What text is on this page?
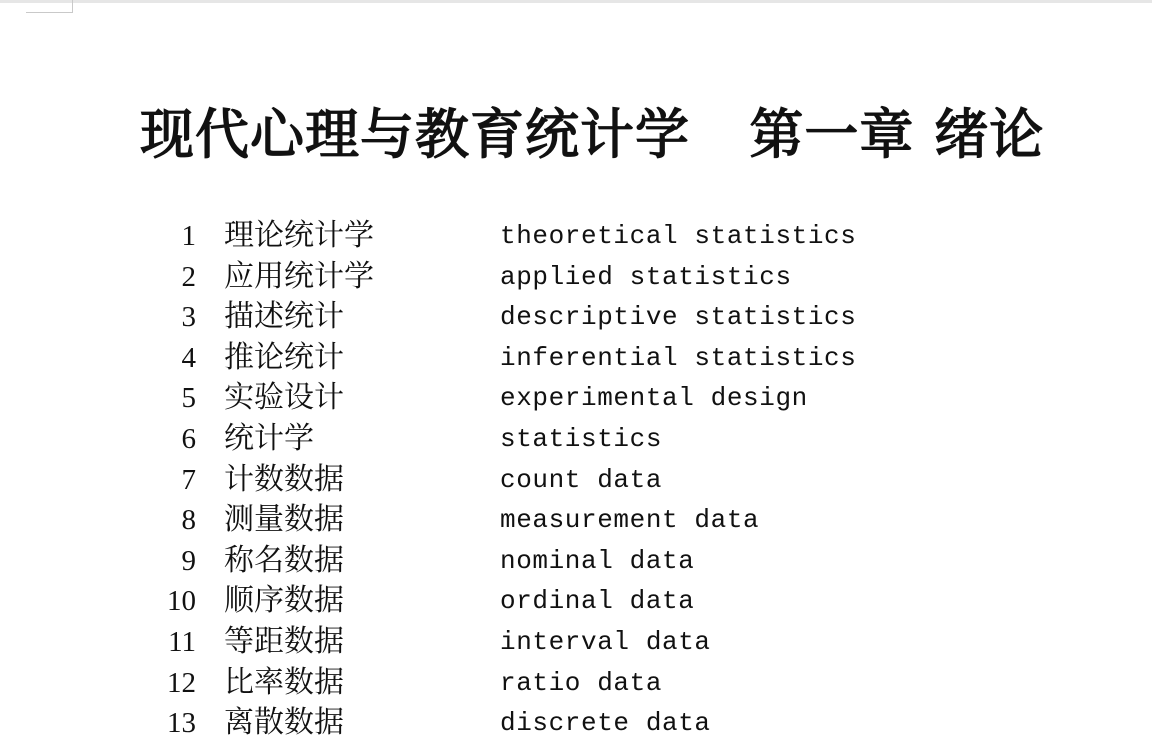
现代心理与教育统计学   第一章 绪论
1 理论统计学	theoretical statistics
2 应用统计学	applied statistics
3 描述统计	descriptive statistics
4 推论统计	inferential statistics
5 实验设计	experimental design
6 统计学	statistics
7 计数数据	count data
8 测量数据	measurement data
9 称名数据	nominal data
10 顺序数据	ordinal data
11 等距数据	interval data
12 比率数据	ratio data
13 离散数据	discrete data
